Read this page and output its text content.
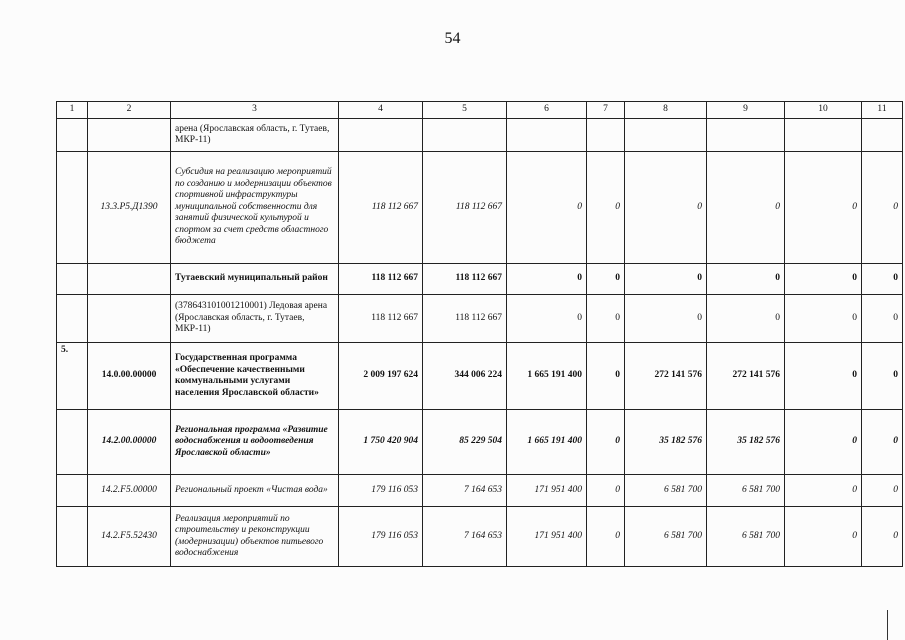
54
1	2	3	4	5	6	7	8	9	10	11
		арена (Ярославская область, г. Тутаев, МКР-11)								
	13.3.P5.Д1390	Субсидия на реализацию мероприятий по созданию и модернизации объектов спортивной инфраструктуры муниципальной собственности для занятий физической культурой и спортом за счет средств областного бюджета	118 112 667	118 112 667	0	0	0	0	0	0
		Тутаевский муниципальный район	118 112 667	118 112 667	0	0	0	0	0	0
		(378643101001210001) Ледовая арена (Ярославская область, г. Тутаев, МКР-11)	118 112 667	118 112 667	0	0	0	0	0	0
5.	14.0.00.00000	Государственная программа «Обеспечение качественными коммунальными услугами населения Ярославской области»	2 009 197 624	344 006 224	1 665 191 400	0	272 141 576	272 141 576	0	0
	14.2.00.00000	Региональная программа «Развитие водоснабжения и водоотведения Ярославской области»	1 750 420 904	85 229 504	1 665 191 400	0	35 182 576	35 182 576	0	0
	14.2.F5.00000	Региональный проект «Чистая вода»	179 116 053	7 164 653	171 951 400	0	6 581 700	6 581 700	0	0
	14.2.F5.52430	Реализация мероприятий по строительству и реконструкции (модернизации) объектов питьевого водоснабжения	179 116 053	7 164 653	171 951 400	0	6 581 700	6 581 700	0	0
